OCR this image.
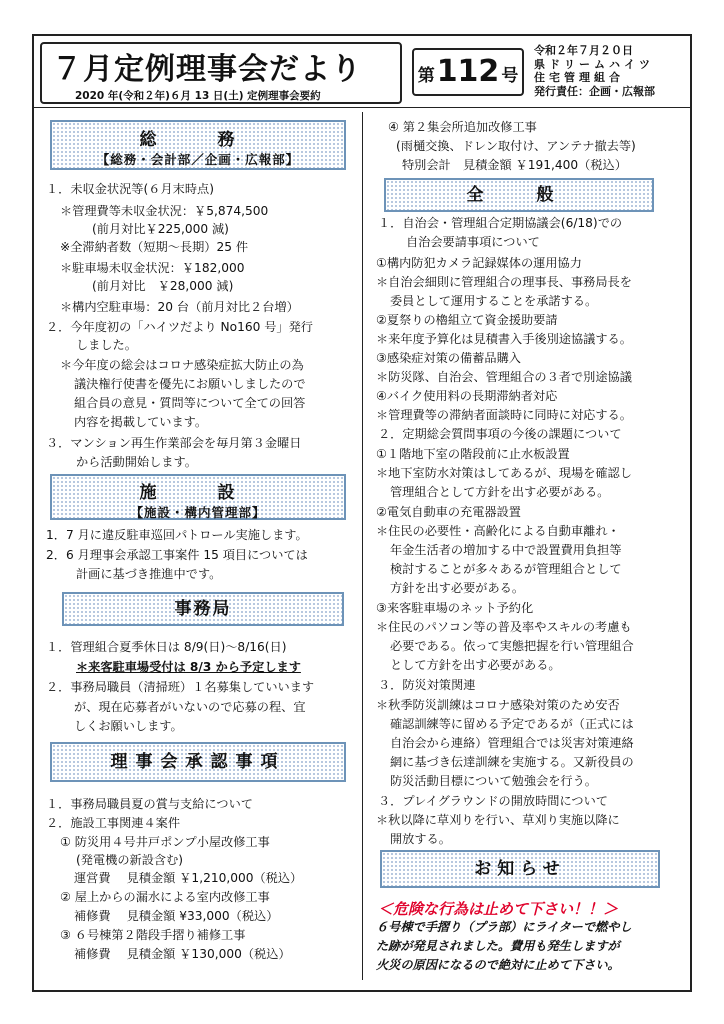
７月定例理事会だより
2020 年(令和２年)６月 13 日(土) 定例理事会要約
第 112 号
令和２年７月２０日
県ドリームハイツ
住宅管理組合
発行責任：企画・広報部
総　務
【総務・会計部／企画・広報部】
１．未収金状況等(６月末時点)
＊管理費等未収金状況：￥5,874,500
(前月対比￥225,000 減)
※全滞納者数（短期～長期）25 件
＊駐車場未収金状況：￥182,000
(前月対比　￥28,000 減)
＊構内空駐車場：20 台（前月対比２台増）
２．今年度初の「ハイツだより No160 号」発行
しました。
＊今年度の総会はコロナ感染症拡大防止の為
議決権行使書を優先にお願いしましたので
組合員の意見・質問等について全ての回答
内容を掲載しています。
３．マンション再生作業部会を毎月第３金曜日
から活動開始します。
施　設
【施設・構内管理部】
1．7 月に違反駐車巡回パトロール実施します。
2．6 月理事会承認工事案件 15 項目については
計画に基づき推進中です。
事務局
１．管理組合夏季休日は 8/9(日)～8/16(日)
＊来客駐車場受付は 8/3 から予定します
２．事務局職員（清掃班）１名募集していいます
が、現在応募者がいないので応募の程、宜
しくお願いします。
理事会承認事項
１．事務局職員夏の賞与支給について
２．施設工事関連４案件
① 防災用４号井戸ポンプ小屋改修工事
(発電機の新設含む)
運営費　 見積金額 ￥1,210,000（税込）
② 屋上からの漏水による室内改修工事
補修費　 見積金額 ¥33,000（税込）
③ ６号棟第２階段手摺り補修工事
補修費　 見積金額 ￥130,000（税込）
④ 第２集会所追加改修工事
(雨樋交換、ドレン取付け、アンテナ撤去等)
特別会計　見積金額 ￥191,400（税込）
全　般
１．自治会・管理組合定期協議会(6/18)での
自治会要請事項について
①構内防犯カメラ記録媒体の運用協力
＊自治会細則に管理組合の理事長、事務局長を
委員として運用することを承諾する。
②夏祭りの櫓組立て資金援助要請
＊来年度予算化は見積書入手後別途協議する。
③感染症対策の備蓄品購入
＊防災隊、自治会、管理組合の３者で別途協議
④バイク使用料の長期滞納者対応
＊管理費等の滞納者面談時に同時に対応する。
２．定期総会質問事項の今後の課題について
①１階地下室の階段前に止水板設置
＊地下室防水対策はしてあるが、現場を確認し
管理組合として方針を出す必要がある。
②電気自動車の充電器設置
＊住民の必要性・高齢化による自動車離れ・
年金生活者の増加する中で設置費用負担等
検討することが多々あるが管理組合として
方針を出す必要がある。
③来客駐車場のネット予約化
＊住民のパソコン等の普及率やスキルの考慮も
必要である。依って実態把握を行い管理組合
として方針を出す必要がある。
３．防災対策関連
＊秋季防災訓練はコロナ感染対策のため安否
確認訓練等に留める予定であるが（正式には
自治会から連絡）管理組合では災害対策連絡
網に基づき伝達訓練を実施する。又新役員の
防災活動目標について勉強会を行う。
３．プレイグラウンドの開放時間について
＊秋以降に草刈りを行い、草刈り実施以降に
開放する。
お知らせ
＜危険な行為は止めて下さい！！＞
６号棟で手摺り（プラ部）にライターで燃やし
た跡が発見されました。費用も発生しますが
火災の原因になるので絶対に止めて下さい。
